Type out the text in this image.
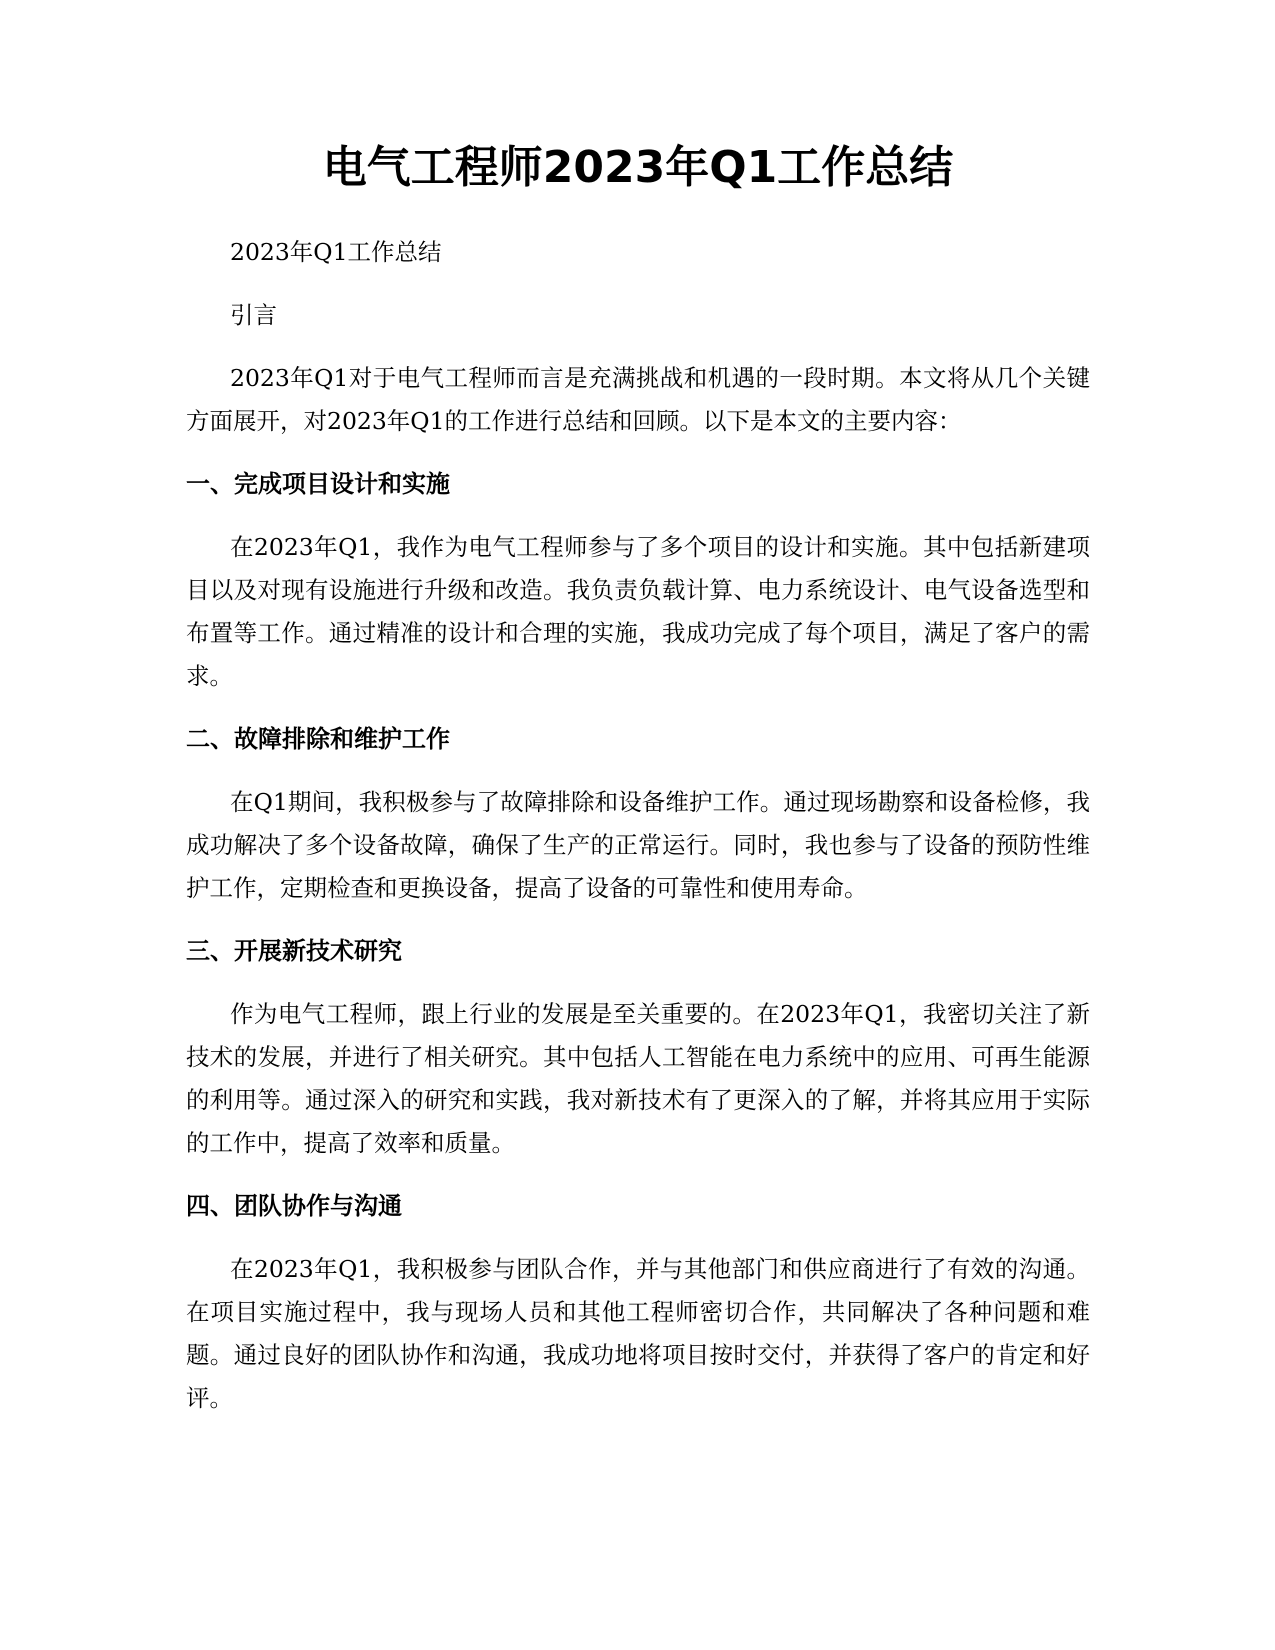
电气工程师2023年Q1工作总结

2023年Q1工作总结

引言

2023年Q1对于电气工程师而言是充满挑战和机遇的一段时期。本文将从几个关键方面展开，对2023年Q1的工作进行总结和回顾。以下是本文的主要内容：

一、完成项目设计和实施

在2023年Q1，我作为电气工程师参与了多个项目的设计和实施。其中包括新建项目以及对现有设施进行升级和改造。我负责负载计算、电力系统设计、电气设备选型和布置等工作。通过精准的设计和合理的实施，我成功完成了每个项目，满足了客户的需求。

二、故障排除和维护工作

在Q1期间，我积极参与了故障排除和设备维护工作。通过现场勘察和设备检修，我成功解决了多个设备故障，确保了生产的正常运行。同时，我也参与了设备的预防性维护工作，定期检查和更换设备，提高了设备的可靠性和使用寿命。

三、开展新技术研究

作为电气工程师，跟上行业的发展是至关重要的。在2023年Q1，我密切关注了新技术的发展，并进行了相关研究。其中包括人工智能在电力系统中的应用、可再生能源的利用等。通过深入的研究和实践，我对新技术有了更深入的了解，并将其应用于实际的工作中，提高了效率和质量。

四、团队协作与沟通

在2023年Q1，我积极参与团队合作，并与其他部门和供应商进行了有效的沟通。在项目实施过程中，我与现场人员和其他工程师密切合作，共同解决了各种问题和难题。通过良好的团队协作和沟通，我成功地将项目按时交付，并获得了客户的肯定和好评。
